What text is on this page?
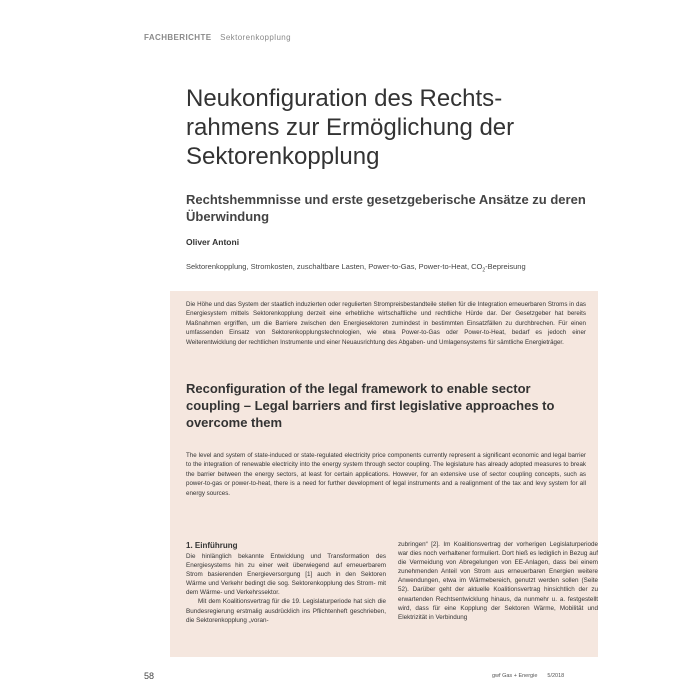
FACHBERICHTE Sektorenkopplung
Neukonfiguration des Rechtsrahmens zur Ermöglichung der Sektorenkopplung
Rechtshemmnisse und erste gesetzgeberische Ansätze zu deren Überwindung
Oliver Antoni
Sektorenkopplung, Stromkosten, zuschaltbare Lasten, Power-to-Gas, Power-to-Heat, $CO_2$-Bepreisung
Die Höhe und das System der staatlich induzierten oder regulierten Strompreisbestandteile stellen für die Integration erneuerbaren Stroms in das Energiesystem mittels Sektorenkopplung derzeit eine erhebliche wirtschaftliche und rechtliche Hürde dar. Der Gesetzgeber hat bereits Maßnahmen ergriffen, um die Barriere zwischen den Energiesektoren zumindest in bestimmten Einsatzfällen zu durchbrechen. Für einen umfassenden Einsatz von Sektorenkopplungstechnologien, wie etwa Power-to-Gas oder Power-to-Heat, bedarf es jedoch einer Weiterentwicklung der rechtlichen Instrumente und einer Neuausrichtung des Abgaben- und Umlagensystems für sämtliche Energieträger.
Reconfiguration of the legal framework to enable sector coupling – Legal barriers and first legislative approaches to overcome them
The level and system of state-induced or state-regulated electricity price components currently represent a significant economic and legal barrier to the integration of renewable electricity into the energy system through sector coupling. The legislature has already adopted measures to break the barrier between the energy sectors, at least for certain applications. However, for an extensive use of sector coupling concepts, such as power-to-gas or power-to-heat, there is a need for further development of legal instruments and a realignment of the tax and levy system for all energy sources.
1. Einführung

Die hinlänglich bekannte Entwicklung und Transformation des Energiesystems hin zu einer weit überwiegend auf erneuerbarem Strom basierenden Energieversorgung [1] auch in den Sektoren Wärme und Verkehr bedingt die sog. Sektorenkopplung des Strom- mit dem Wärme- und Verkehrssektor.

Mit dem Koalitionsvertrag für die 19. Legislaturperiode hat sich die Bundesregierung erstmalig ausdrücklich ins Pflichtenheft geschrieben, die Sektorenkopplung „voran-

zubringen“ [2]. Im Koalitionsvertrag der vorherigen Legislaturperiode war dies noch verhaltener formuliert. Dort hieß es lediglich in Bezug auf die Vermeidung von Abregelungen von EE-Anlagen, dass bei einem zunehmenden Anteil von Strom aus erneuerbaren Energien weitere Anwendungen, etwa im Wärmebereich, genutzt werden sollen (Seite 52). Darüber geht der aktuelle Koalitionsvertrag hinsichtlich der zu erwartenden Rechtsentwicklung hinaus, da nunmehr u. a. festgestellt wird, dass für eine Kopplung der Sektoren Wärme, Mobilität und Elektrizität in Verbindung

58	gwf Gas + Energie 5/2018
